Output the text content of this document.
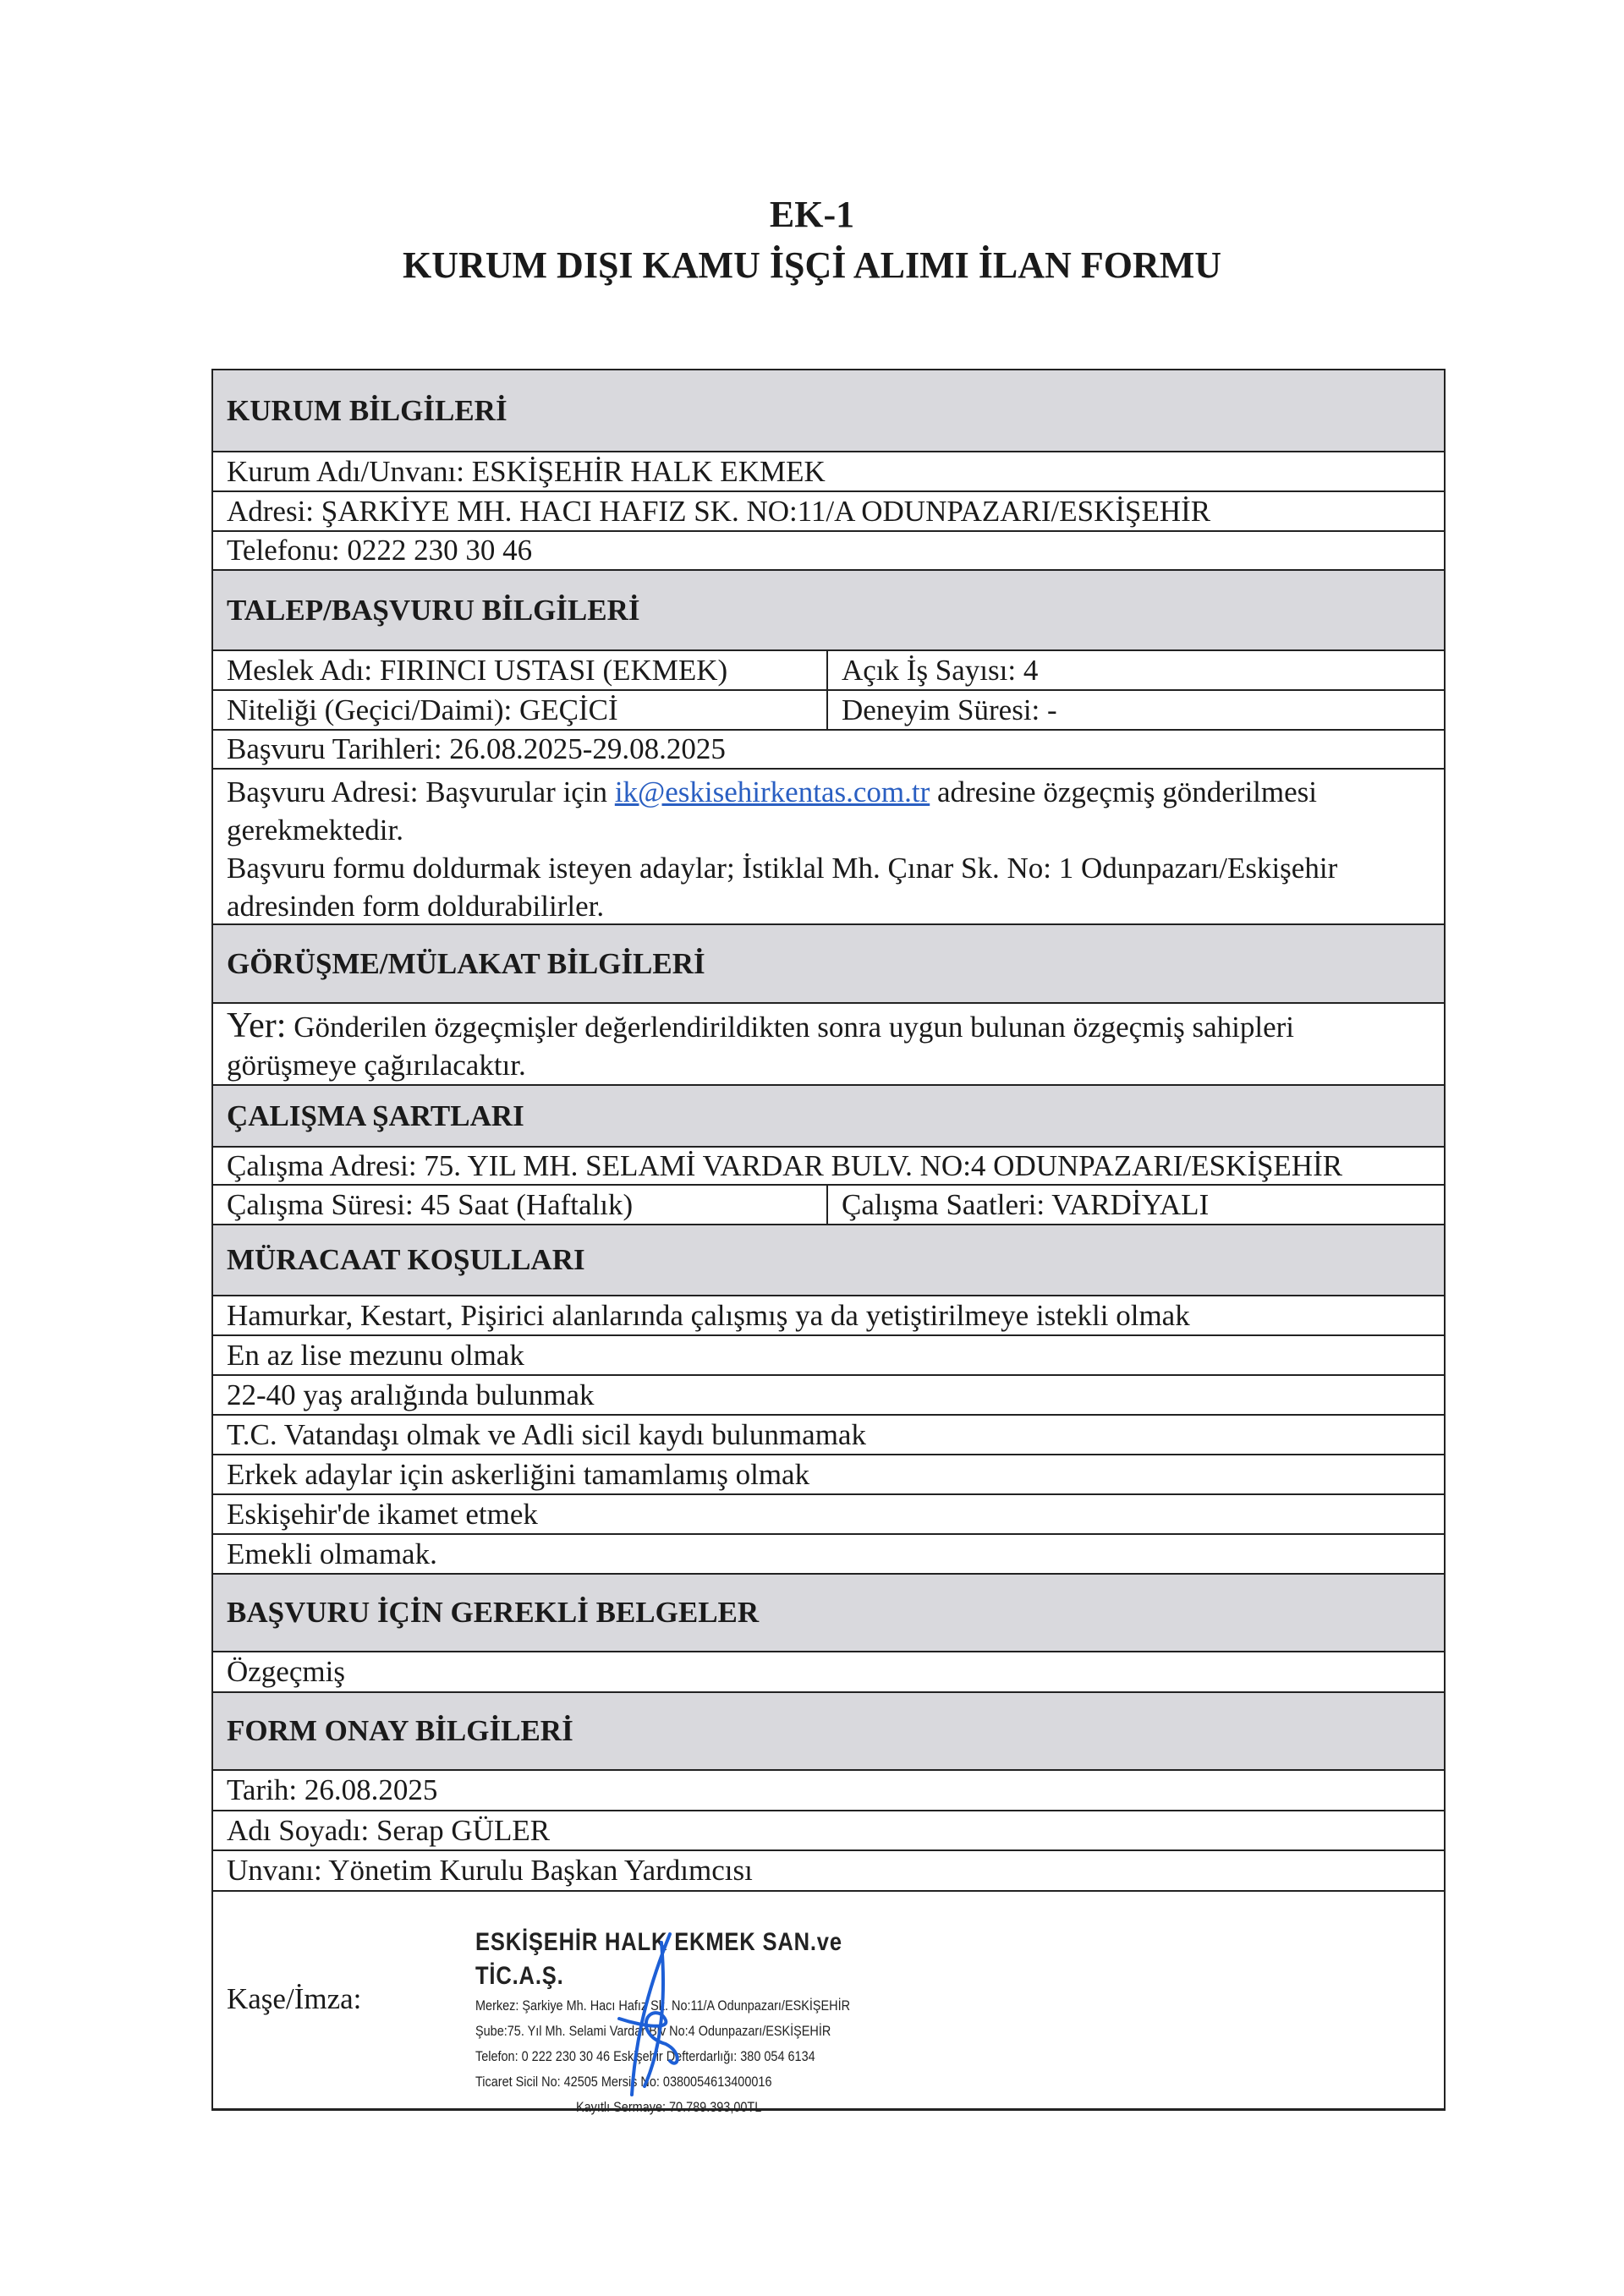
EK-1
KURUM DIŞI KAMU İŞÇİ ALIMI İLAN FORMU
KURUM BİLGİLERİ
Kurum Adı/Unvanı: ESKİŞEHİR HALK EKMEK
Adresi: ŞARKİYE MH. HACI HAFIZ SK. NO:11/A ODUNPAZARI/ESKİŞEHİR
Telefonu: 0222 230 30 46
TALEP/BAŞVURU BİLGİLERİ
Meslek Adı: FIRINCI USTASI (EKMEK)	Açık İş Sayısı: 4
Niteliği (Geçici/Daimi): GEÇİCİ	Deneyim Süresi: -
Başvuru Tarihleri: 26.08.2025-29.08.2025
Başvuru Adresi: Başvurular için ik@eskisehirkentas.com.tr adresine özgeçmiş gönderilmesi gerekmektedir.
Başvuru formu doldurmak isteyen adaylar; İstiklal Mh. Çınar Sk. No: 1 Odunpazarı/Eskişehir adresinden form doldurabilirler.
GÖRÜŞME/MÜLAKAT BİLGİLERİ
Yer: Gönderilen özgeçmişler değerlendirildikten sonra uygun bulunan özgeçmiş sahipleri görüşmeye çağırılacaktır.
ÇALIŞMA ŞARTLARI
Çalışma Adresi: 75. YIL MH. SELAMİ VARDAR BULV. NO:4 ODUNPAZARI/ESKİŞEHİR
Çalışma Süresi: 45 Saat (Haftalık)	Çalışma Saatleri: VARDİYALI
MÜRACAAT KOŞULLARI
Hamurkar, Kestart, Pişirici alanlarında çalışmış ya da yetiştirilmeye istekli olmak
En az lise mezunu olmak
22-40 yaş aralığında bulunmak
T.C. Vatandaşı olmak ve Adli sicil kaydı bulunmamak
Erkek adaylar için askerliğini tamamlamış olmak
Eskişehir'de ikamet etmek
Emekli olmamak.
BAŞVURU İÇİN GEREKLİ BELGELER
Özgeçmiş
FORM ONAY BİLGİLERİ
Tarih: 26.08.2025
Adı Soyadı: Serap GÜLER
Unvanı: Yönetim Kurulu Başkan Yardımcısı
Kaşe/İmza:
ESKİŞEHİR HALK EKMEK SAN.ve TİC.A.Ş.
Merkez: Şarkiye Mh. Hacı Hafız Sk. No:11/A Odunpazarı/ESKİŞEHİR
Şube:75. Yıl Mh. Selami Vardar Blv No:4 Odunpazarı/ESKİŞEHİR
Telefon: 0 222 230 30 46 Eskişehir Defterdarlığı: 380 054 6134
Ticaret Sicil No: 42505 Mersis No: 0380054613400016
Kayıtlı Sermaye: 70.789.393,00TL
